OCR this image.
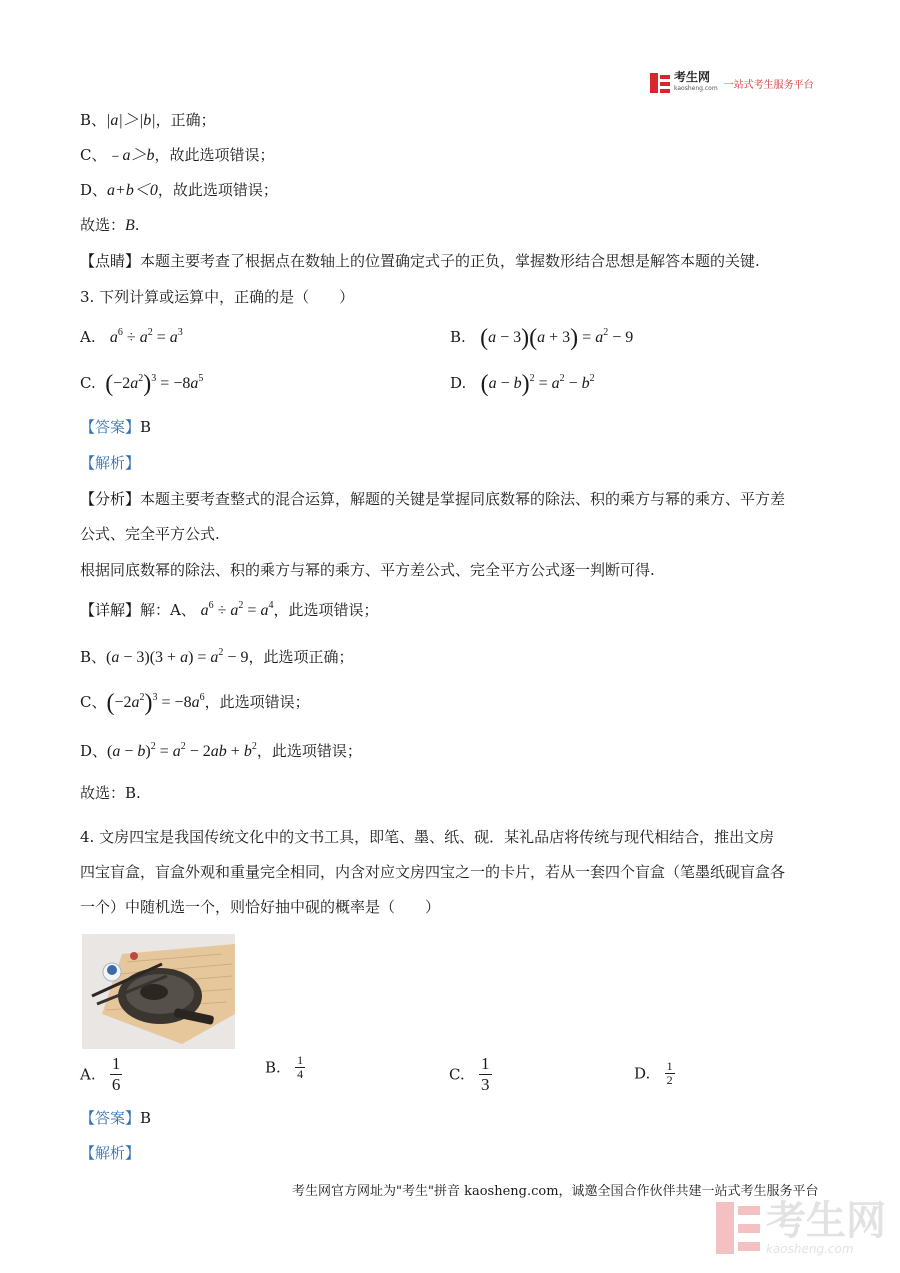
考生网
kaosheng.com 一站式考生服务平台
B、|a|＞|b|，正确；
C、﹣a＞b，故此选项错误；
D、a+b＜0，故此选项错误；
故选：B.
【点睛】本题主要考查了根据点在数轴上的位置确定式子的正负，掌握数形结合思想是解答本题的关键.
3. 下列计算或运算中，正确的是（　　）
A. $a^6 \div a^2 = a^3$	B. $(a - 3)(a + 3) = a^2 - 9$
C. $(-2a^2)^3 = -8a^5$	D. $(a - b)^2 = a^2 - b^2$
【答案】B
【解析】
【分析】本题主要考查整式的混合运算，解题的关键是掌握同底数幂的除法、积的乘方与幂的乘方、平方差
公式、完全平方公式.
根据同底数幂的除法、积的乘方与幂的乘方、平方差公式、完全平方公式逐一判断可得.
【详解】解：A、 $a^6 \div a^2 = a^4$，此选项错误；
B、$(a - 3)(3 + a) = a^2 - 9$，此选项正确；
C、$(-2a^2)^3 = -8a^6$，此选项错误；
D、$(a - b)^2 = a^2 - 2ab + b^2$，此选项错误；
故选：B.
4. 文房四宝是我国传统文化中的文书工具，即笔、墨、纸、砚．某礼品店将传统与现代相结合，推出文房
四宝盲盒，盲盒外观和重量完全相同，内含对应文房四宝之一的卡片，若从一套四个盲盒（笔墨纸砚盲盒各
一个）中随机选一个，则恰好抽中砚的概率是（　　）
A. $\frac{1}{6}$	B. $\frac{1}{4}$	C. $\frac{1}{3}$	D. $\frac{1}{2}$
【答案】B
【解析】
考生网官方网址为"考生"拼音 kaosheng.com，诚邀全国合作伙伴共建一站式考生服务平台
考生网
kaosheng.com
